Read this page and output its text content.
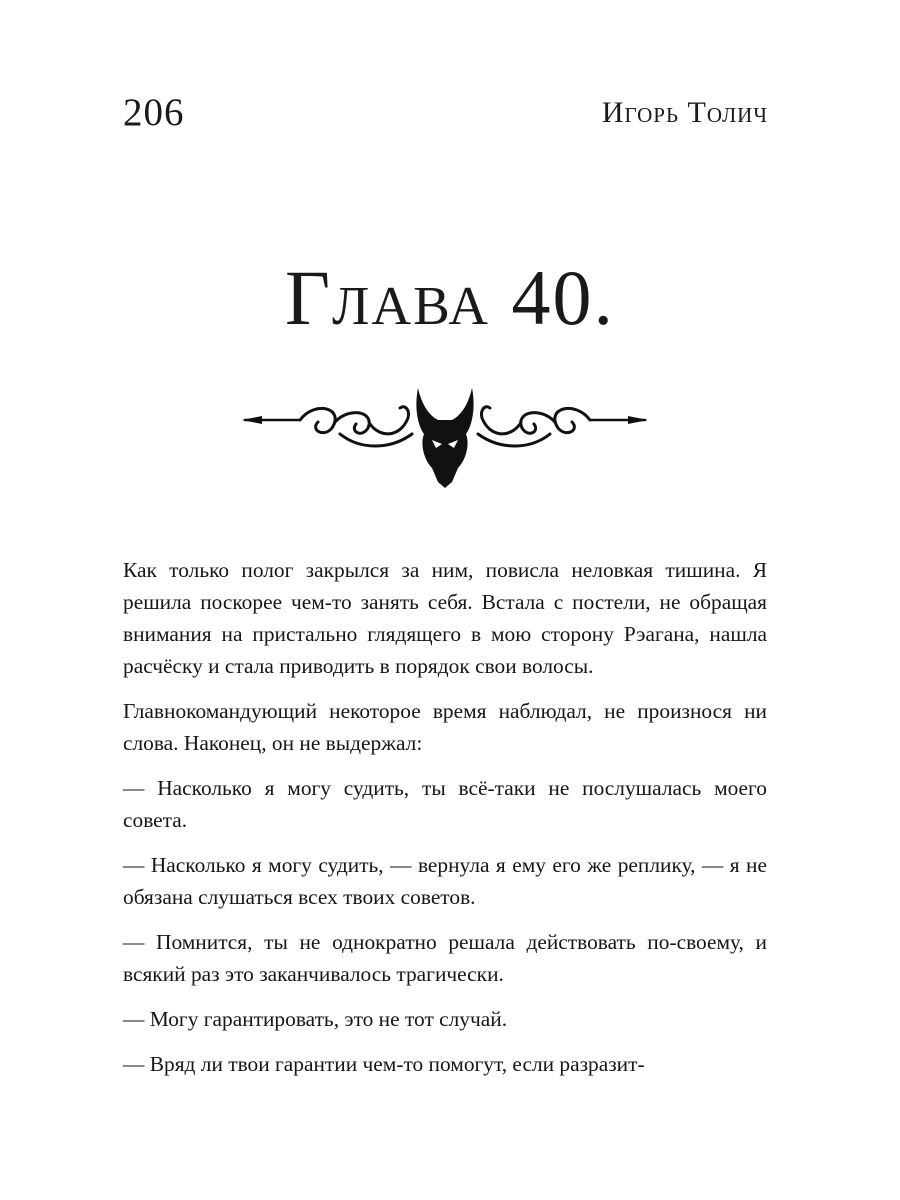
206	Игорь Толич
Глава 40.

Как только полог закрылся за ним, повисла неловкая тишина. Я решила поскорее чем-то занять себя. Встала с постели, не обращая внимания на пристально глядящего в мою сторону Рэагана, нашла расчёску и стала приводить в порядок свои волосы.

Главнокомандующий некоторое время наблюдал, не произнося ни слова. Наконец, он не выдержал:

— Насколько я могу судить, ты всё-таки не послушалась моего совета.

— Насколько я могу судить, — вернула я ему его же реплику, — я не обязана слушаться всех твоих советов.

— Помнится, ты не однократно решала действовать по-своему, и всякий раз это заканчивалось трагически.

— Могу гарантировать, это не тот случай.

— Вряд ли твои гарантии чем-то помогут, если разразит-
